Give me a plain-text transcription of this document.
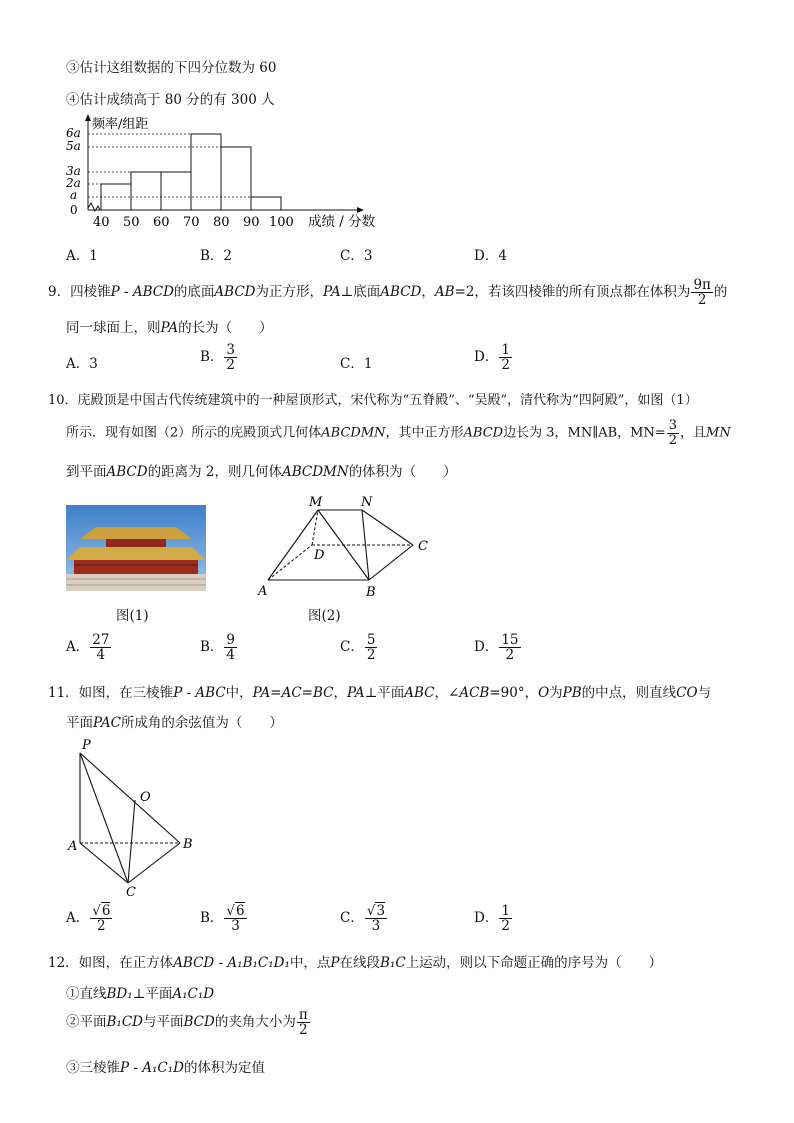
③估计这组数据的下四分位数为 60
④估计成绩高于 80 分的有 300 人
频率/组距
6a
5a
3a
2a
a
0
40 50 60 70 80 90 100 成绩 / 分数
A．1	B．2	C．3	D．4
9．四棱锥P - ABCD的底面ABCD为正方形，PA⊥底面ABCD，AB=2，若该四棱锥的所有顶点都在体积为 $\frac{9\pi}{2}$ 的
同一球面上，则PA的长为（　　）
A．3	B． $\frac{3}{2}$	C．1	D． $\frac{1}{2}$
10．庑殿顶是中国古代传统建筑中的一种屋顶形式，宋代称为“五脊殿”、“吴殿”，清代称为“四阿殿”，如图（1）
所示．现有如图（2）所示的庑殿顶式几何体ABCDMN，其中正方形ABCD边长为 3，MN∥AB，$MN= \frac{3}{2}$ ，且MN
到平面ABCD的距离为 2，则几何体ABCDMN的体积为（　　）
图(1)
M	N
D
C
A	B
图(2)
A． $\frac{27}{4}$	B． $\frac{9}{4}$	C． $\frac{5}{2}$	D． $\frac{15}{2}$
11．如图，在三棱锥P - ABC中，PA=AC=BC，PA⊥平面ABC，∠ACB=90°，O为PB的中点，则直线CO与
平面PAC所成角的余弦值为（　　）
P
O
A	B
C
A． $\frac{√6}{2}$	B． $\frac{√6}{3}$	C． $\frac{√3}{3}$	D． $\frac{1}{2}$
12．如图，在正方体ABCD - A₁B₁C₁D₁中，点P在线段B₁C上运动，则以下命题正确的序号为（　　）
①直线BD₁⊥平面A₁C₁D
②平面B₁CD与平面BCD的夹角大小为 $\frac{\pi}{2}$
③三棱锥P - A₁C₁D的体积为定值
